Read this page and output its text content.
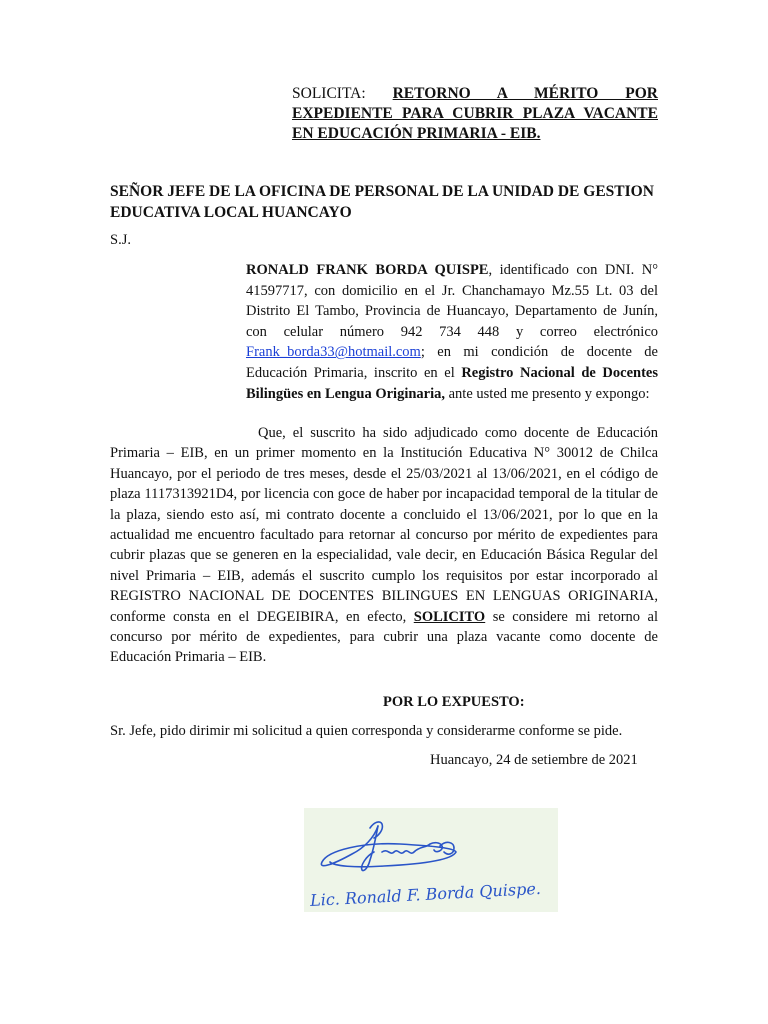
SOLICITA: RETORNO A MÉRITO POR
EXPEDIENTE PARA CUBRIR PLAZA VACANTE
EN EDUCACIÓN PRIMARIA - EIB.
SEÑOR JEFE DE LA OFICINA DE PERSONAL DE LA UNIDAD DE GESTION EDUCATIVA LOCAL HUANCAYO
S.J.
RONALD FRANK BORDA QUISPE, identificado con DNI. N° 41597717, con domicilio en el Jr. Chanchamayo Mz.55 Lt. 03 del Distrito El Tambo, Provincia de Huancayo, Departamento de Junín, con celular número 942 734 448 y correo electrónico Frank_borda33@hotmail.com; en mi condición de docente de Educación Primaria, inscrito en el Registro Nacional de Docentes Bilingües en Lengua Originaria, ante usted me presento y expongo:
Que, el suscrito ha sido adjudicado como docente de Educación Primaria – EIB, en un primer momento en la Institución Educativa N° 30012 de Chilca Huancayo, por el periodo de tres meses, desde el 25/03/2021 al 13/06/2021, en el código de plaza 1117313921D4, por licencia con goce de haber por incapacidad temporal de la titular de la plaza, siendo esto así, mi contrato docente a concluido el 13/06/2021, por lo que en la actualidad me encuentro facultado para retornar al concurso por mérito de expedientes para cubrir plazas que se generen en la especialidad, vale decir, en Educación Básica Regular del nivel Primaria – EIB, además el suscrito cumplo los requisitos por estar incorporado al REGISTRO NACIONAL DE DOCENTES BILINGUES EN LENGUAS ORIGINARIA, conforme consta en el DEGEIBIRA, en efecto, SOLICITO se considere mi retorno al concurso por mérito de expedientes, para cubrir una plaza vacante como docente de Educación Primaria – EIB.
POR LO EXPUESTO:
Sr. Jefe, pido dirimir mi solicitud a quien corresponda y considerarme conforme se pide.
Huancayo, 24 de setiembre de 2021
Lic. Ronald F. Borda Quispe.
